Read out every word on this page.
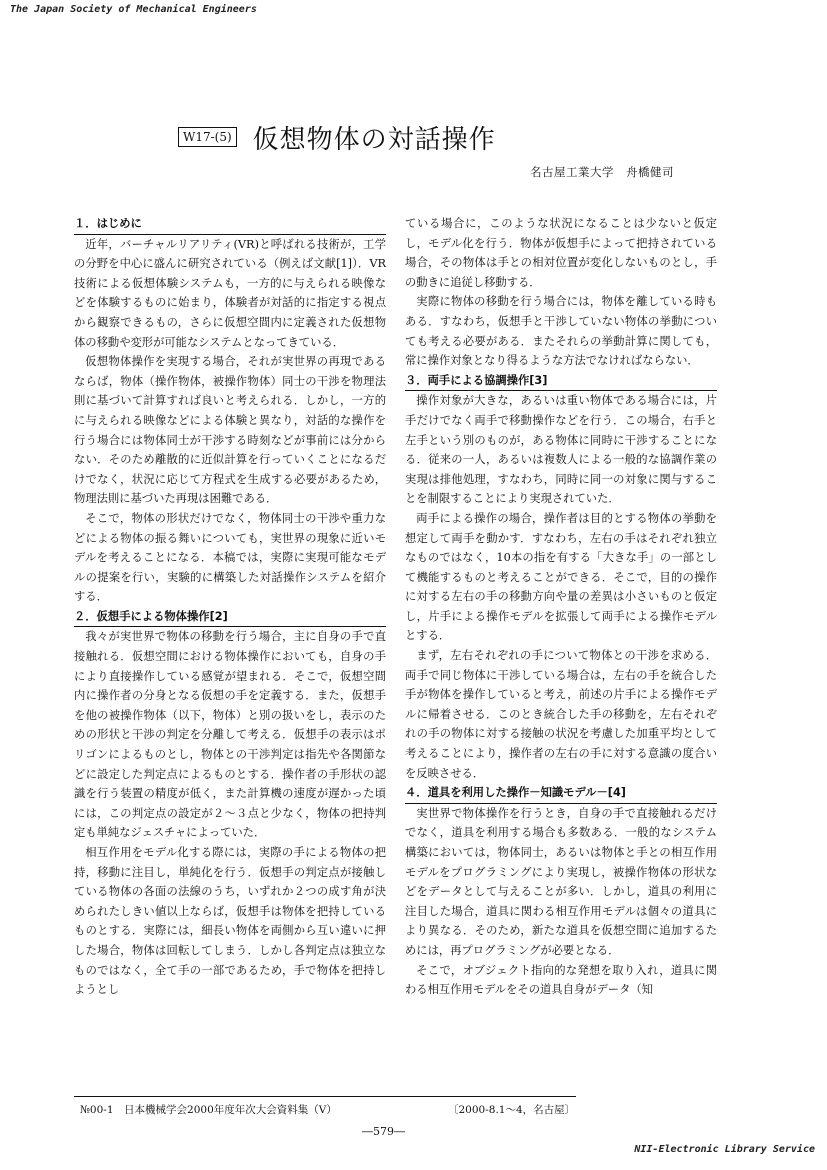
The Japan Society of Mechanical Engineers
W17-(5) 仮想物体の対話操作
名古屋工業大学　舟橋健司
１．はじめに

近年，バーチャルリアリティ(VR)と呼ばれる技術が，工学の分野を中心に盛んに研究されている（例えば文献[1]）．VR 技術による仮想体験システムも，一方的に与えられる映像などを体験するものに始まり，体験者が対話的に指定する視点から観察できるもの，さらに仮想空間内に定義された仮想物体の移動や変形が可能なシステムとなってきている．

仮想物体操作を実現する場合，それが実世界の再現であるならば，物体（操作物体，被操作物体）同士の干渉を物理法則に基づいて計算すれば良いと考えられる．しかし，一方的に与えられる映像などによる体験と異なり，対話的な操作を行う場合には物体同士が干渉する時刻などが事前には分からない．そのため離散的に近似計算を行っていくことになるだけでなく，状況に応じて方程式を生成する必要があるため，物理法則に基づいた再現は困難である．

そこで，物体の形状だけでなく，物体同士の干渉や重力などによる物体の振る舞いについても，実世界の現象に近いモデルを考えることになる．本稿では，実際に実現可能なモデルの提案を行い，実験的に構築した対話操作システムを紹介する．

２．仮想手による物体操作[2]

我々が実世界で物体の移動を行う場合，主に自身の手で直接触れる．仮想空間における物体操作においても，自身の手により直接操作している感覚が望まれる．そこで，仮想空間内に操作者の分身となる仮想の手を定義する．また，仮想手を他の被操作物体（以下，物体）と別の扱いをし，表示のための形状と干渉の判定を分離して考える．仮想手の表示はポリゴンによるものとし，物体との干渉判定は指先や各関節などに設定した判定点によるものとする．操作者の手形状の認識を行う装置の精度が低く，また計算機の速度が遅かった頃には，この判定点の設定が２～３点と少なく，物体の把持判定も単純なジェスチャによっていた．

相互作用をモデル化する際には，実際の手による物体の把持，移動に注目し，単純化を行う．仮想手の判定点が接触している物体の各面の法線のうち，いずれか２つの成す角が決められたしきい値以上ならば，仮想手は物体を把持しているものとする．実際には，細長い物体を両側から互い違いに押した場合，物体は回転してしまう．しかし各判定点は独立なものではなく，全て手の一部であるため，手で物体を把持しようとし

ている場合に，このような状況になることは少ないと仮定し，モデル化を行う．物体が仮想手によって把持されている場合，その物体は手との相対位置が変化しないものとし，手の動きに追従し移動する．

実際に物体の移動を行う場合には，物体を離している時もある．すなわち，仮想手と干渉していない物体の挙動についても考える必要がある．またそれらの挙動計算に関しても，常に操作対象となり得るような方法でなければならない．

３．両手による協調操作[3]

操作対象が大きな，あるいは重い物体である場合には，片手だけでなく両手で移動操作などを行う．この場合，右手と左手という別のものが，ある物体に同時に干渉することになる．従来の一人，あるいは複数人による一般的な協調作業の実現は排他処理，すなわち，同時に同一の対象に関与することを制限することにより実現されていた．

両手による操作の場合，操作者は目的とする物体の挙動を想定して両手を動かす．すなわち，左右の手はそれぞれ独立なものではなく，10本の指を有する「大きな手」の一部として機能するものと考えることができる．そこで，目的の操作に対する左右の手の移動方向や量の差異は小さいものと仮定し，片手による操作モデルを拡張して両手による操作モデルとする．

まず，左右それぞれの手について物体との干渉を求める．両手で同じ物体に干渉している場合は，左右の手を統合した手が物体を操作していると考え，前述の片手による操作モデルに帰着させる．このとき統合した手の移動を，左右それぞれの手の物体に対する接触の状況を考慮した加重平均として考えることにより，操作者の左右の手に対する意識の度合いを反映させる．

４．道具を利用した操作－知識モデル－[4]

実世界で物体操作を行うとき，自身の手で直接触れるだけでなく，道具を利用する場合も多数ある．一般的なシステム構築においては，物体同士，あるいは物体と手との相互作用モデルをプログラミングにより実現し，被操作物体の形状などをデータとして与えることが多い．しかし，道具の利用に注目した場合，道具に関わる相互作用モデルは個々の道具により異なる．そのため，新たな道具を仮想空間に追加するためには，再プログラミングが必要となる．

そこで，オブジェクト指向的な発想を取り入れ，道具に関わる相互作用モデルをその道具自身がデータ（知

№00-1　日本機械学会2000年度年次大会資料集（Ⅴ）	〔2000-8.1～4，名古屋〕
―579―
NII-Electronic Library Service
